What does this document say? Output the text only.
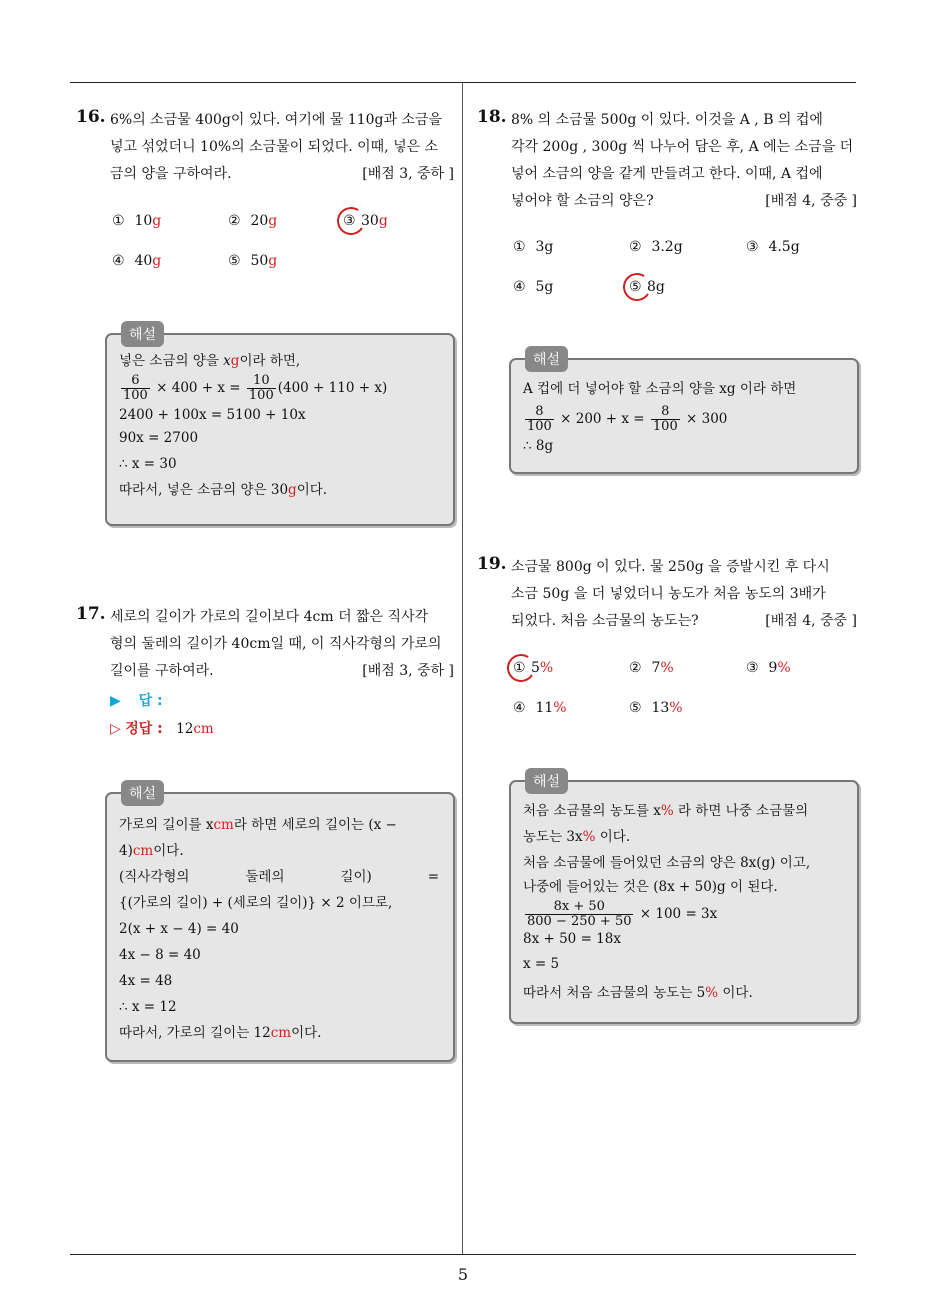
5
16. 6%의 소금물 400g이 있다. 여기에 물 110g과 소금을
넣고 섞었더니 10%의 소금물이 되었다. 이때, 넣은 소
금의 양을 구하여라.	[배점 3, 중하 ]
① 10g	② 20g	③ 30g
④ 40g	⑤ 50g
해설
넣은 소금의 양을 xg이라 하면,
$\frac{6}{100} \times 400 + x = \frac{10}{100} (400 + 110 + x)$
2400 + 100x = 5100 + 10x
90x = 2700
∴ x = 30
따라서, 넣은 소금의 양은 30g이다.
17. 세로의 길이가 가로의 길이보다 4cm 더 짧은 직사각
형의 둘레의 길이가 40cm일 때, 이 직사각형의 가로의
길이를 구하여라.	[배점 3, 중하 ]
▶ 답 :
▷ 정답 : 12cm
해설
가로의 길이를 xcm라 하면 세로의 길이는 (x −
4)cm이다.
(직사각형의	둘레의	길이)	=
{(가로의 길이) + (세로의 길이)} × 2 이므로,
2(x + x − 4) = 40
4x − 8 = 40
4x = 48
∴ x = 12
따라서, 가로의 길이는 12cm이다.
18. 8% 의 소금물 500g 이 있다. 이것을 A , B 의 컵에
각각 200g , 300g 씩 나누어 담은 후, A 에는 소금을 더
넣어 소금의 양을 같게 만들려고 한다. 이때, A 컵에
넣어야 할 소금의 양은?	[배점 4, 중중 ]
① 3g	② 3.2g	③ 4.5g
④ 5g	⑤ 8g
해설
A 컵에 더 넣어야 할 소금의 양을 xg 이라 하면
$\frac{8}{100} \times 200 + x = \frac{8}{100} \times 300$
∴ 8g
19. 소금물 800g 이 있다. 물 250g 을 증발시킨 후 다시
소금 50g 을 더 넣었더니 농도가 처음 농도의 3배가
되었다. 처음 소금물의 농도는?	[배점 4, 중중 ]
① 5%	② 7%	③ 9%
④ 11%	⑤ 13%
해설
처음 소금물의 농도를 x% 라 하면 나중 소금물의
농도는 3x% 이다.
처음 소금물에 들어있던 소금의 양은 8x(g) 이고,
나중에 들어있는 것은 (8x + 50)g 이 된다.
$\frac{8x + 50}{800 - 250 + 50} \times 100 = 3x$
8x + 50 = 18x
x = 5
따라서 처음 소금물의 농도는 5% 이다.
